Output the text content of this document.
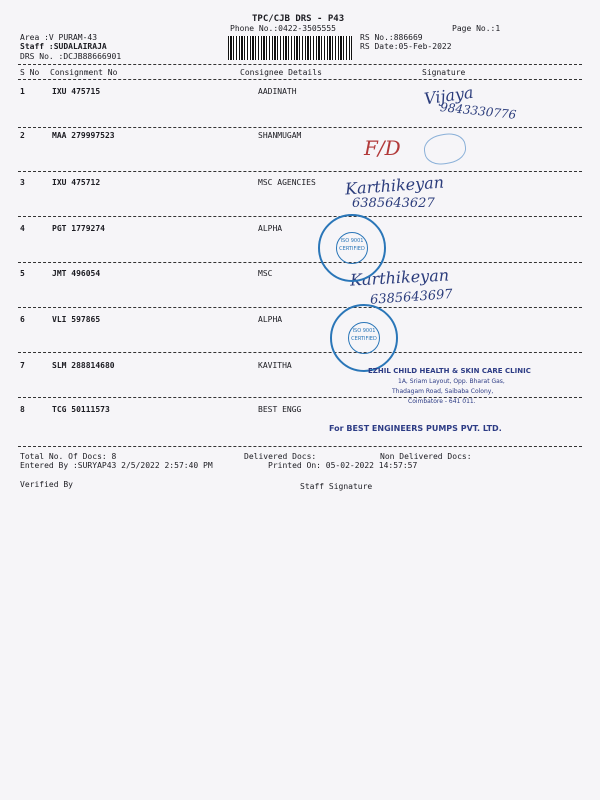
TPC/CJB DRS - P43
Phone No.:0422-3505555	Page No.:1
Area :V PURAM-43
Staff :SUDALAIRAJA
DRS No. :DCJB88666901
RS No.:886669
RS Date:05-Feb-2022
S No Consignment No	Consignee Details	Signature
1	IXU 475715	AADINATH
2	MAA 279997523	SHANMUGAM
3	IXU 475712	MSC AGENCIES
4	PGT 1779274	ALPHA
5	JMT 496054	MSC
6	VLI 597865	ALPHA
7	SLM 288814680	KAVITHA
8	TCG 50111573	BEST ENGG
Total No. Of Docs: 8	Delivered Docs:	Non Delivered Docs:
Entered By :SURYAP43 2/5/2022 2:57:40 PM	Printed On: 05-02-2022 14:57:57
Verified By	Staff Signature
Vijaya
9843330776
F/D
Karthikeyan
6385643627
Karthikeyan
6385643697
ISO 9001 CERTIFIED
ISO 9001 CERTIFIED
EZHIL CHILD HEALTH & SKIN CARE CLINIC
1A, Sriam Layout, Opp. Bharat Gas,
Thadagam Road, Saibaba Colony,
Coimbatore - 641 011.
For BEST ENGINEERS PUMPS PVT. LTD.
